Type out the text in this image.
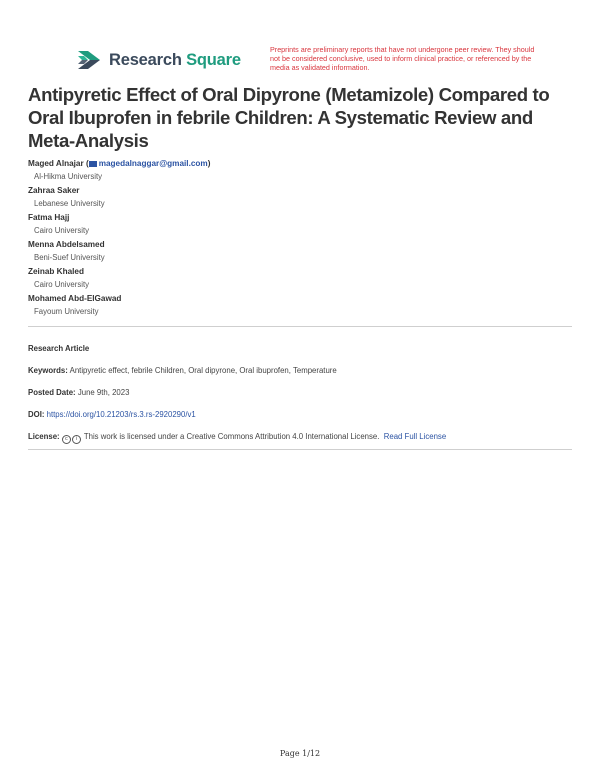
Research Square
Preprints are preliminary reports that have not undergone peer review. They should not be considered conclusive, used to inform clinical practice, or referenced by the media as validated information.
Antipyretic Effect of Oral Dipyrone (Metamizole) Compared to Oral Ibuprofen in febrile Children: A Systematic Review and Meta-Analysis
Maged Alnajar ( magedalnaggar@gmail.com)
Al-Hikma University
Zahraa Saker
Lebanese University
Fatma Hajj
Cairo University
Menna Abdelsamed
Beni-Suef University
Zeinab Khaled
Cairo University
Mohamed Abd-ElGawad
Fayoum University
Research Article
Keywords: Antipyretic effect, febrile Children, Oral dipyrone, Oral ibuprofen, Temperature
Posted Date: June 9th, 2023
DOI: https://doi.org/10.21203/rs.3.rs-2920290/v1
License: c i This work is licensed under a Creative Commons Attribution 4.0 International License. Read Full License
Page 1/12
